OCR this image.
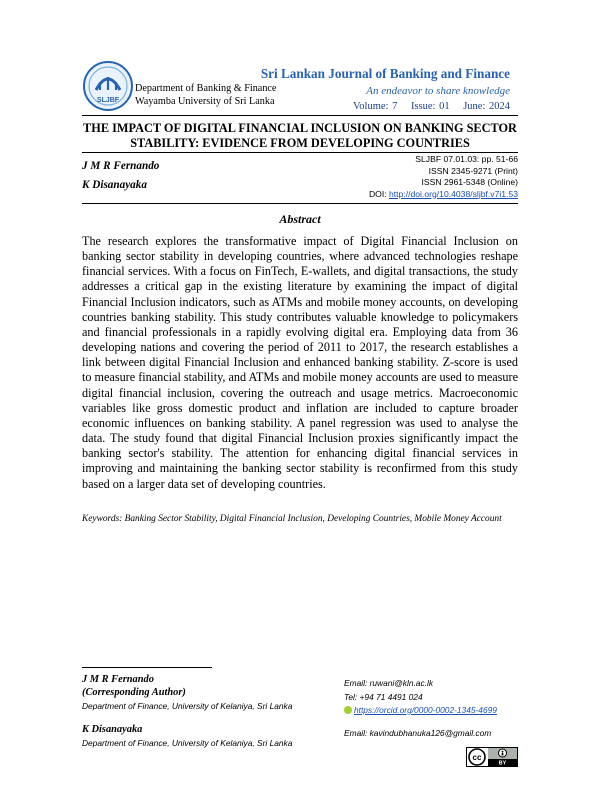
SLJBF
Department of Banking & Finance
Wayamba University of Sri Lanka
Sri Lankan Journal of Banking and Finance
An endeavor to share knowledge
Volume: 7 Issue: 01 June: 2024
THE IMPACT OF DIGITAL FINANCIAL INCLUSION ON BANKING SECTOR
STABILITY: EVIDENCE FROM DEVELOPING COUNTRIES
J M R Fernando
K Disanayaka
SLJBF 07.01.03: pp. 51-66
ISSN 2345-9271 (Print)
ISSN 2961-5348 (Online)
DOI: http://doi.org/10.4038/sljbf.v7i1.53
Abstract

The research explores the transformative impact of Digital Financial Inclusion on banking sector stability in developing countries, where advanced technologies reshape financial services. With a focus on FinTech, E-wallets, and digital transactions, the study addresses a critical gap in the existing literature by examining the impact of digital Financial Inclusion indicators, such as ATMs and mobile money accounts, on developing countries banking stability. This study contributes valuable knowledge to policymakers and financial professionals in a rapidly evolving digital era. Employing data from 36 developing nations and covering the period of 2011 to 2017, the research establishes a link between digital Financial Inclusion and enhanced banking stability. Z-score is used to measure financial stability, and ATMs and mobile money accounts are used to measure digital financial inclusion, covering the outreach and usage metrics. Macroeconomic variables like gross domestic product and inflation are included to capture broader economic influences on banking stability. A panel regression was used to analyse the data. The study found that digital Financial Inclusion proxies significantly impact the banking sector's stability. The attention for enhancing digital financial services in improving and maintaining the banking sector stability is reconfirmed from this study based on a larger data set of developing countries.

Keywords: Banking Sector Stability, Digital Financial Inclusion, Developing Countries, Mobile Money Account
J M R Fernando
(Corresponding Author)
Department of Finance, University of Kelaniya, Sri Lanka
Email: ruwani@kln.ac.lk
Tel: +94 71 4491 024
https://orcid.org/0000-0002-1345-4699
K Disanayaka
Department of Finance, University of Kelaniya, Sri Lanka
Email: kavindubhanuka126@gmail.com
cc
BY
